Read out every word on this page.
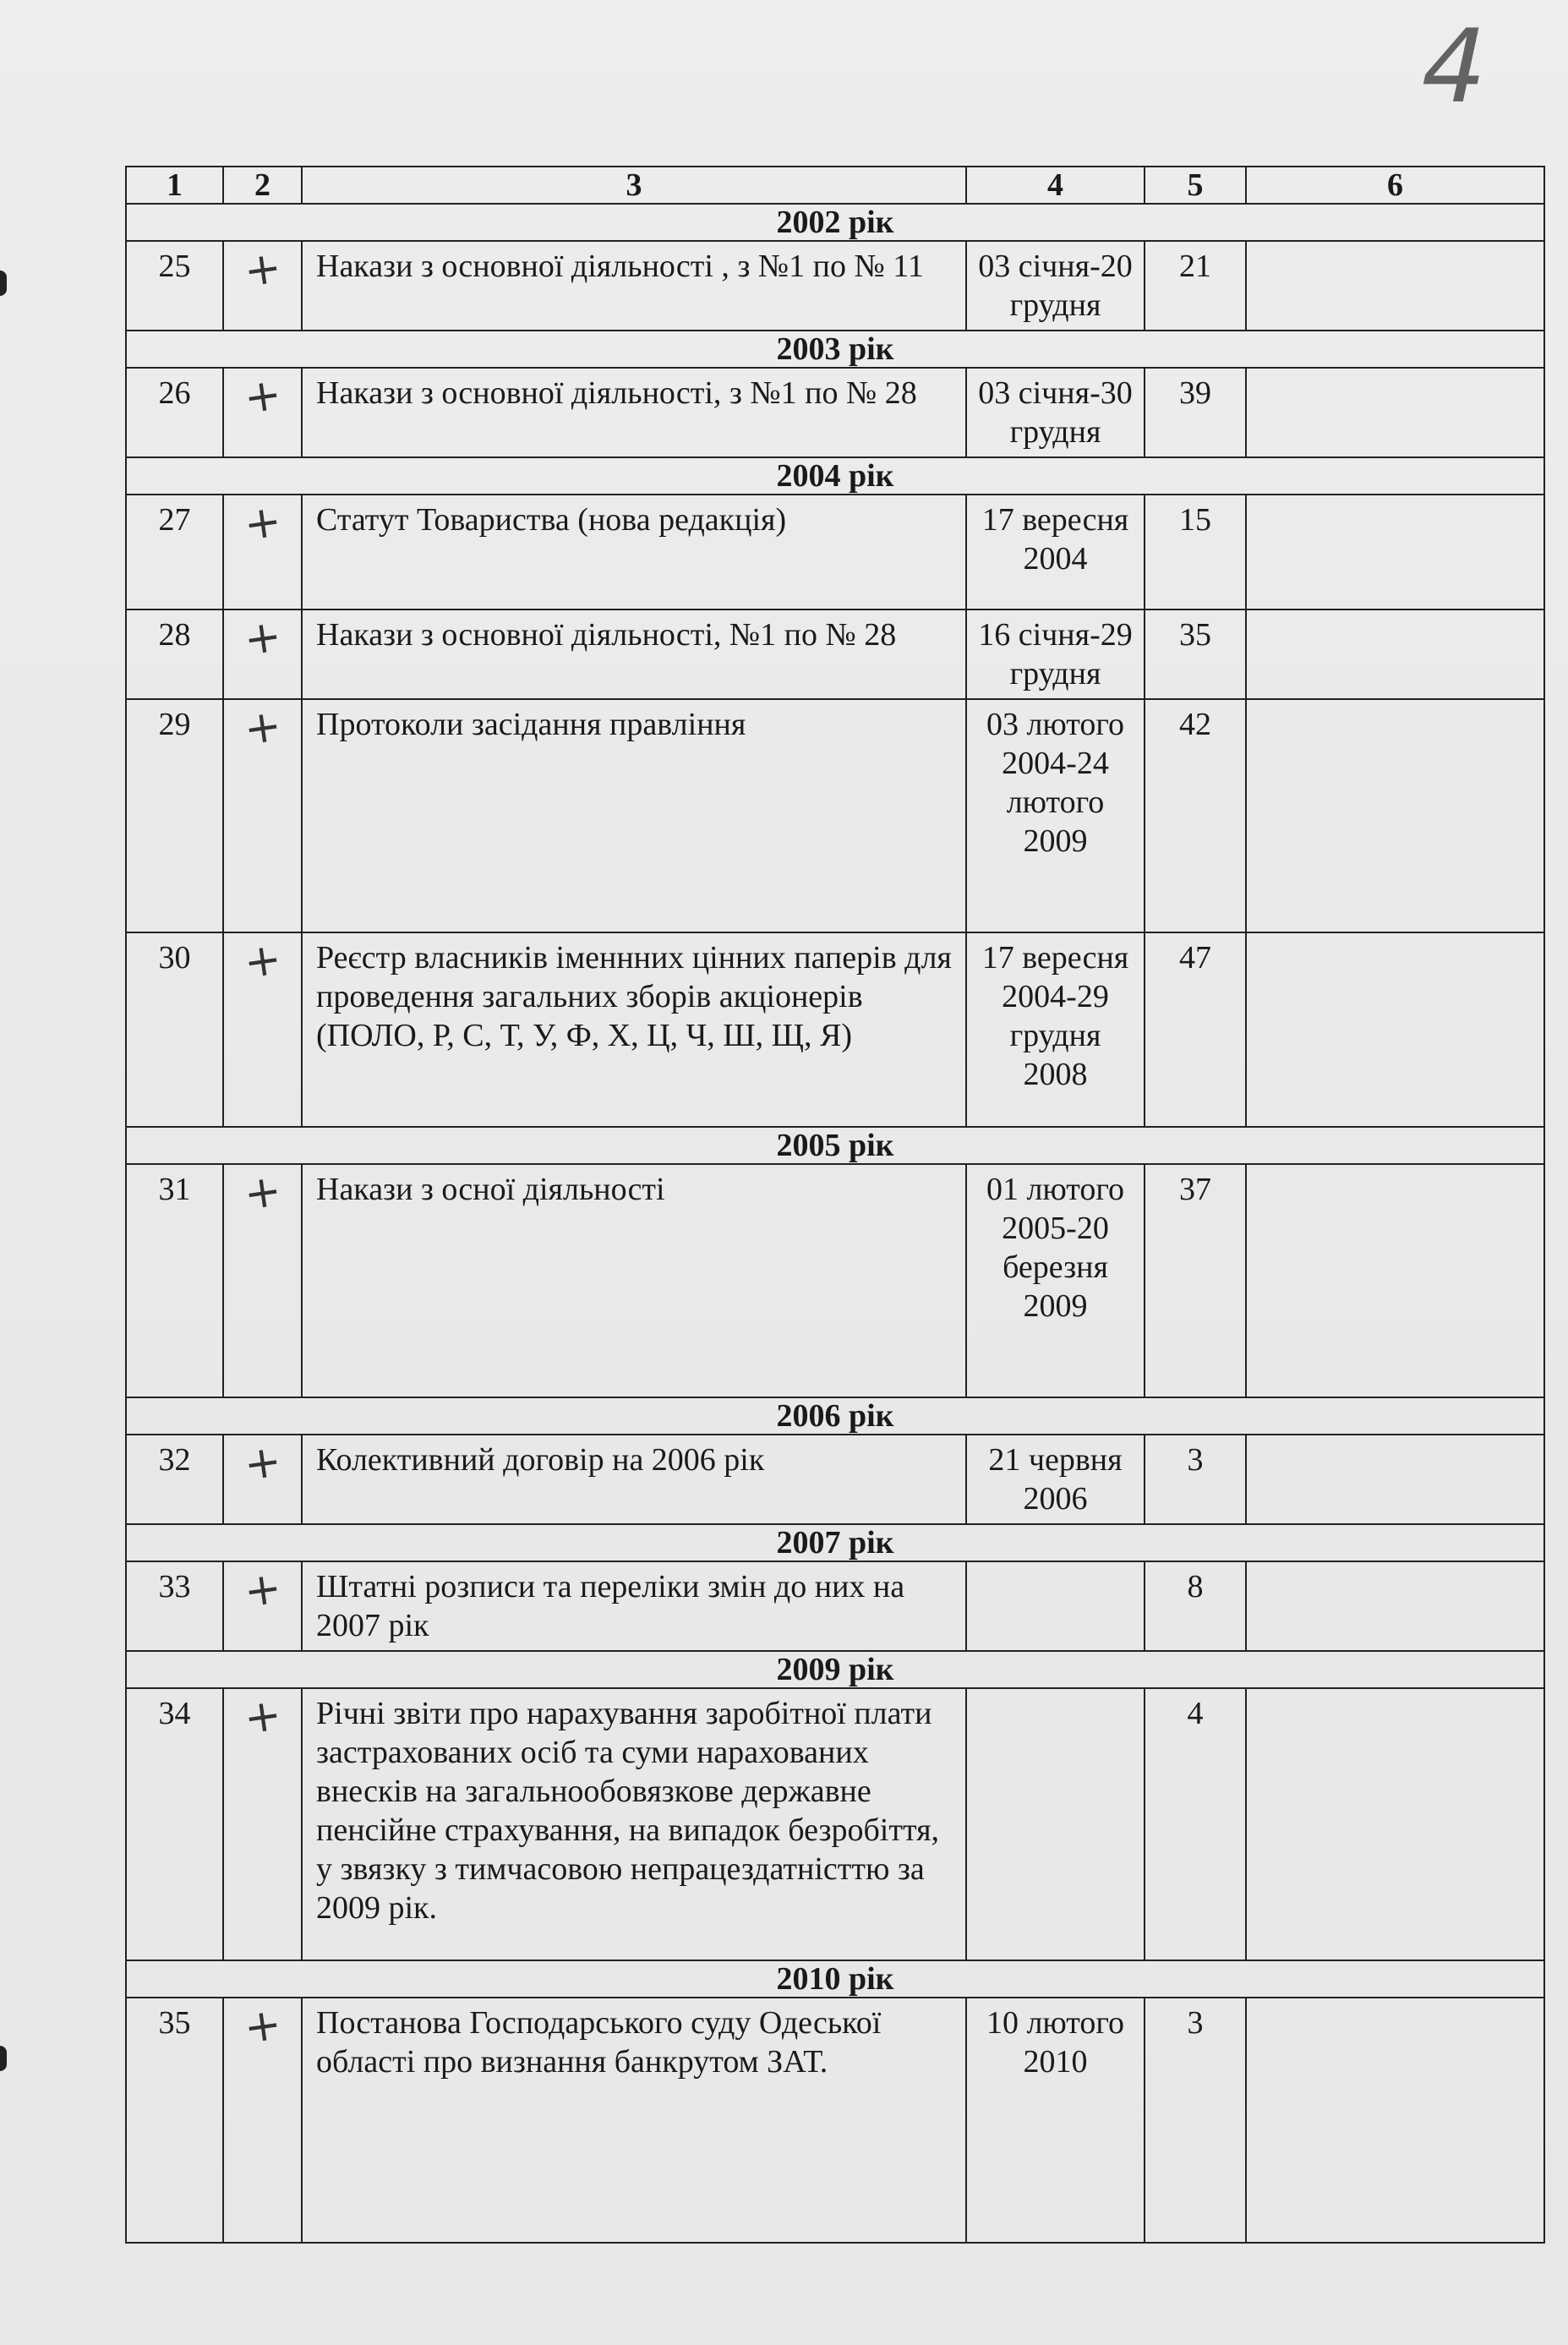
4
1	2	3	4	5	6
2002 рік					
25	+	Накази з основної діяльності , з №1 по № 11	03 січня-20 грудня	21	
2003 рік					
26	+	Накази з основної діяльності, з №1 по № 28	03 січня-30 грудня	39	
2004 рік					
27	+	Статут Товариства (нова редакція)	17 вересня 2004	15	
28	+	Накази з основної діяльності, №1 по № 28	16 січня-29 грудня	35	
29	+	Протоколи засідання правління	03 лютого 2004-24 лютого 2009	42	
30	+	Реєстр власників іменнних цінних паперів для проведення загальних зборів акціонерів (ПОЛО, Р, С, Т, У, Ф, Х, Ц, Ч, Ш, Щ, Я)	17 вересня 2004-29 грудня 2008	47	
2005 рік					
31	+	Накази з осної діяльності	01 лютого 2005-20 березня 2009	37	
2006 рік					
32	+	Колективний договір на 2006 рік	21 червня 2006	3	
2007 рік					
33	+	Штатні розписи та переліки змін до них на 2007 рік		8	
2009 рік					
34	+	Річні звіти про нарахування заробітної плати застрахованих осіб та суми нарахованих внесків на загальнообовязкове державне пенсійне страхування, на випадок безробіття, у звязку з тимчасовою непрацездатністтю за 2009 рік.		4	
2010 рік					
35	+	Постанова Господарського суду Одеської області про визнання банкрутом ЗАТ.	10 лютого 2010	3	
